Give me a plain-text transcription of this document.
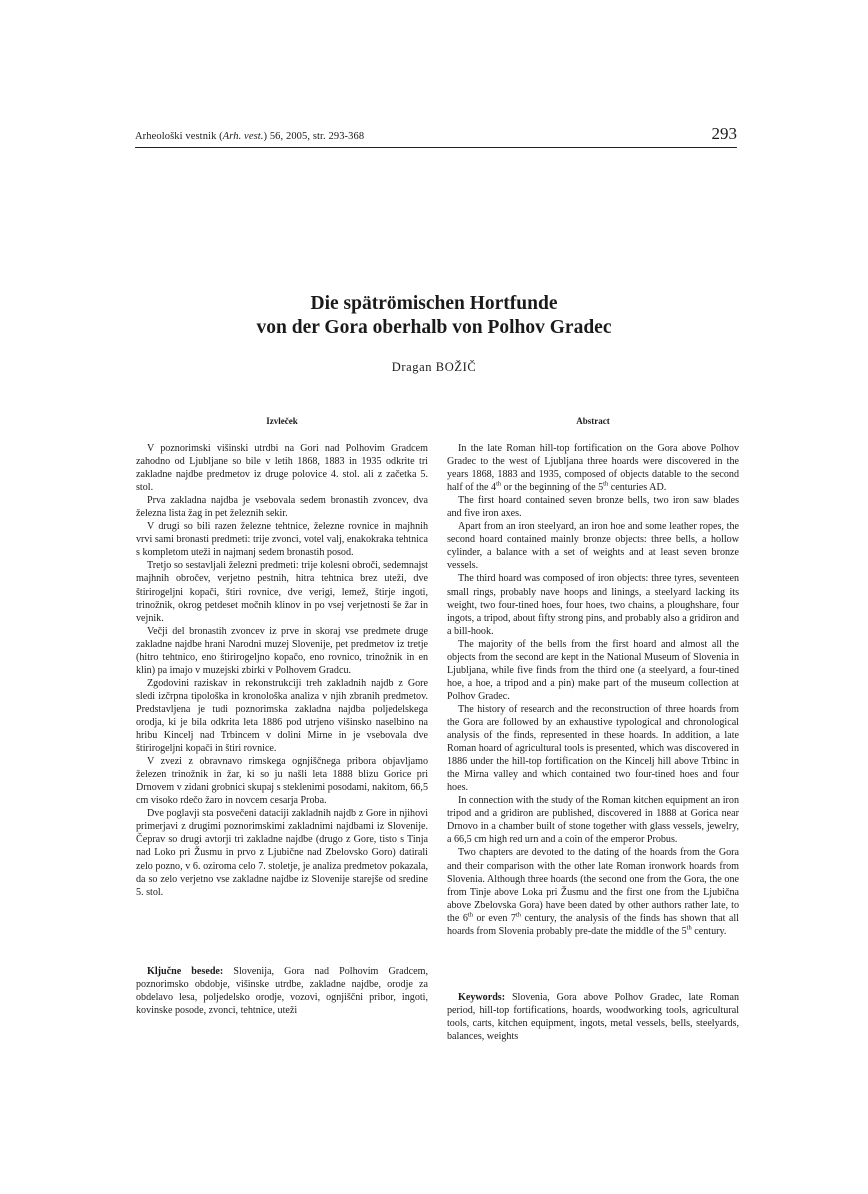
Arheološki vestnik (Arh. vest.) 56, 2005, str. 293-368	293
Die spätrömischen Hortfunde
von der Gora oberhalb von Polhov Gradec
Dragan BOŽIČ
Izvleček

V poznorimski višinski utrdbi na Gori nad Polhovim Gradcem zahodno od Ljubljane so bile v letih 1868, 1883 in 1935 odkrite tri zakladne najdbe predmetov iz druge polovice 4. stol. ali z začetka 5. stol.

Prva zakladna najdba je vsebovala sedem bronastih zvoncev, dva železna lista žag in pet železnih sekir.

V drugi so bili razen železne tehtnice, železne rovnice in majhnih vrvi sami bronasti predmeti: trije zvonci, votel valj, enakokraka tehtnica s kompletom uteži in najmanj sedem bronastih posod.

Tretjo so sestavljali železni predmeti: trije kolesni obroči, sedemnajst majhnih obročev, verjetno pestnih, hitra tehtnica brez uteži, dve štirirogeljni kopači, štiri rovnice, dve verigi, lemež, štirje ingoti, trinožnik, okrog petdeset močnih klinov in po vsej verjetnosti še žar in vejnik.

Večji del bronastih zvoncev iz prve in skoraj vse predmete druge zakladne najdbe hrani Narodni muzej Slovenije, pet predmetov iz tretje (hitro tehtnico, eno štirirogeljno kopačo, eno rovnico, trinožnik in en klin) pa imajo v muzejski zbirki v Polhovem Gradcu.

Zgodovini raziskav in rekonstrukciji treh zakladnih najdb z Gore sledi izčrpna tipološka in kronološka analiza v njih zbranih predmetov. Predstavljena je tudi poznorimska zakladna najdba poljedelskega orodja, ki je bila odkrita leta 1886 pod utrjeno višinsko naselbino na hribu Kincelj nad Trbincem v dolini Mirne in je vsebovala dve štirirogeljni kopači in štiri rovnice.

V zvezi z obravnavo rimskega ognjiščnega pribora objavljamo železen trinožnik in žar, ki so ju našli leta 1888 blizu Gorice pri Drnovem v zidani grobnici skupaj s steklenimi posodami, nakitom, 66,5 cm visoko rdečo žaro in novcem cesarja Proba.

Dve poglavji sta posvečeni dataciji zakladnih najdb z Gore in njihovi primerjavi z drugimi poznorimskimi zakladnimi najdbami iz Slovenije. Čeprav so drugi avtorji tri zakladne najdbe (drugo z Gore, tisto s Tinja nad Loko pri Žusmu in prvo z Ljubične nad Zbelovsko Goro) datirali zelo pozno, v 6. oziroma celo 7. stoletje, je analiza predmetov pokazala, da so zelo verjetno vse zakladne najdbe iz Slovenije starejše od sredine 5. stol.

Ključne besede: Slovenija, Gora nad Polhovim Gradcem, poznorimsko obdobje, višinske utrdbe, zakladne najdbe, orodje za obdelavo lesa, poljedelsko orodje, vozovi, ognjiščni pribor, ingoti, kovinske posode, zvonci, tehtnice, uteži

Abstract

In the late Roman hill-top fortification on the Gora above Polhov Gradec to the west of Ljubljana three hoards were discovered in the years 1868, 1883 and 1935, composed of objects datable to the second half of the 4th or the beginning of the 5th centuries AD.

The first hoard contained seven bronze bells, two iron saw blades and five iron axes.

Apart from an iron steelyard, an iron hoe and some leather ropes, the second hoard contained mainly bronze objects: three bells, a hollow cylinder, a balance with a set of weights and at least seven bronze vessels.

The third hoard was composed of iron objects: three tyres, seventeen small rings, probably nave hoops and linings, a steelyard lacking its weight, two four-tined hoes, four hoes, two chains, a ploughshare, four ingots, a tripod, about fifty strong pins, and probably also a gridiron and a bill-hook.

The majority of the bells from the first hoard and almost all the objects from the second are kept in the National Museum of Slovenia in Ljubljana, while five finds from the third one (a steelyard, a four-tined hoe, a hoe, a tripod and a pin) make part of the museum collection at Polhov Gradec.

The history of research and the reconstruction of three hoards from the Gora are followed by an exhaustive typological and chronological analysis of the finds, represented in these hoards. In addition, a late Roman hoard of agricultural tools is presented, which was discovered in 1886 under the hill-top fortification on the Kincelj hill above Trbinc in the Mirna valley and which contained two four-tined hoes and four hoes.

In connection with the study of the Roman kitchen equipment an iron tripod and a gridiron are published, discovered in 1888 at Gorica near Drnovo in a chamber built of stone together with glass vessels, jewelry, a 66,5 cm high red urn and a coin of the emperor Probus.

Two chapters are devoted to the dating of the hoards from the Gora and their comparison with the other late Roman ironwork hoards from Slovenia. Although three hoards (the second one from the Gora, the one from Tinje above Loka pri Žusmu and the first one from the Ljubična above Zbelovska Gora) have been dated by other authors rather late, to the 6th or even 7th century, the analysis of the finds has shown that all hoards from Slovenia probably pre-date the middle of the 5th century.

Keywords: Slovenia, Gora above Polhov Gradec, late Roman period, hill-top fortifications, hoards, woodworking tools, agricultural tools, carts, kitchen equipment, ingots, metal vessels, bells, steelyards, balances, weights
